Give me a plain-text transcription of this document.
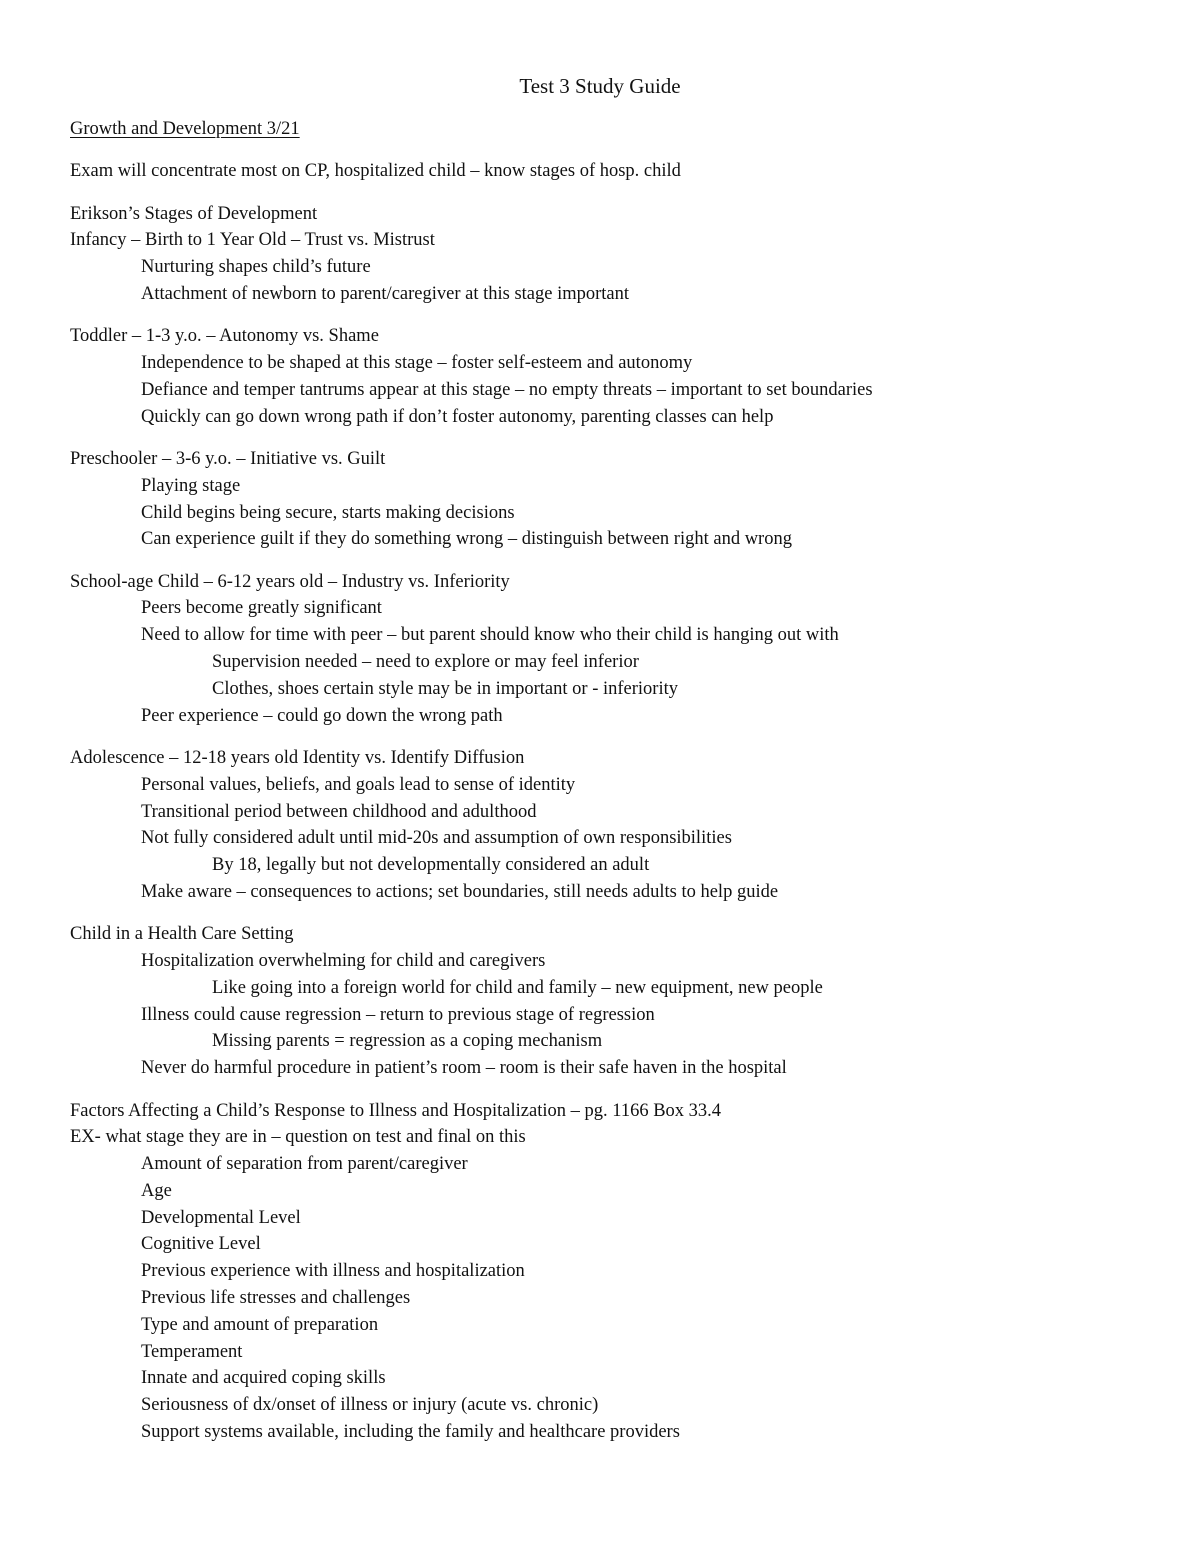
Test 3 Study Guide
Growth and Development 3/21
Exam will concentrate most on CP, hospitalized child – know stages of hosp. child
Erikson’s Stages of Development
Infancy – Birth to 1 Year Old – Trust vs. Mistrust
Nurturing shapes child’s future
Attachment of newborn to parent/caregiver at this stage important
Toddler – 1-3 y.o. – Autonomy vs. Shame
Independence to be shaped at this stage – foster self-esteem and autonomy
Defiance and temper tantrums appear at this stage – no empty threats – important to set boundaries
Quickly can go down wrong path if don’t foster autonomy, parenting classes can help
Preschooler – 3-6 y.o. – Initiative vs. Guilt
Playing stage
Child begins being secure, starts making decisions
Can experience guilt if they do something wrong – distinguish between right and wrong
School-age Child – 6-12 years old – Industry vs. Inferiority
Peers become greatly significant
Need to allow for time with peer – but parent should know who their child is hanging out with
Supervision needed – need to explore or may feel inferior
Clothes, shoes certain style may be in important or - inferiority
Peer experience – could go down the wrong path
Adolescence – 12-18 years old Identity vs. Identify Diffusion
Personal values, beliefs, and goals lead to sense of identity
Transitional period between childhood and adulthood
Not fully considered adult until mid-20s and assumption of own responsibilities
By 18, legally but not developmentally considered an adult
Make aware – consequences to actions; set boundaries, still needs adults to help guide
Child in a Health Care Setting
Hospitalization overwhelming for child and caregivers
Like going into a foreign world for child and family – new equipment, new people
Illness could cause regression – return to previous stage of regression
Missing parents = regression as a coping mechanism
Never do harmful procedure in patient’s room – room is their safe haven in the hospital
Factors Affecting a Child’s Response to Illness and Hospitalization – pg. 1166 Box 33.4
EX- what stage they are in – question on test and final on this
Amount of separation from parent/caregiver
Age
Developmental Level
Cognitive Level
Previous experience with illness and hospitalization
Previous life stresses and challenges
Type and amount of preparation
Temperament
Innate and acquired coping skills
Seriousness of dx/onset of illness or injury (acute vs. chronic)
Support systems available, including the family and healthcare providers
